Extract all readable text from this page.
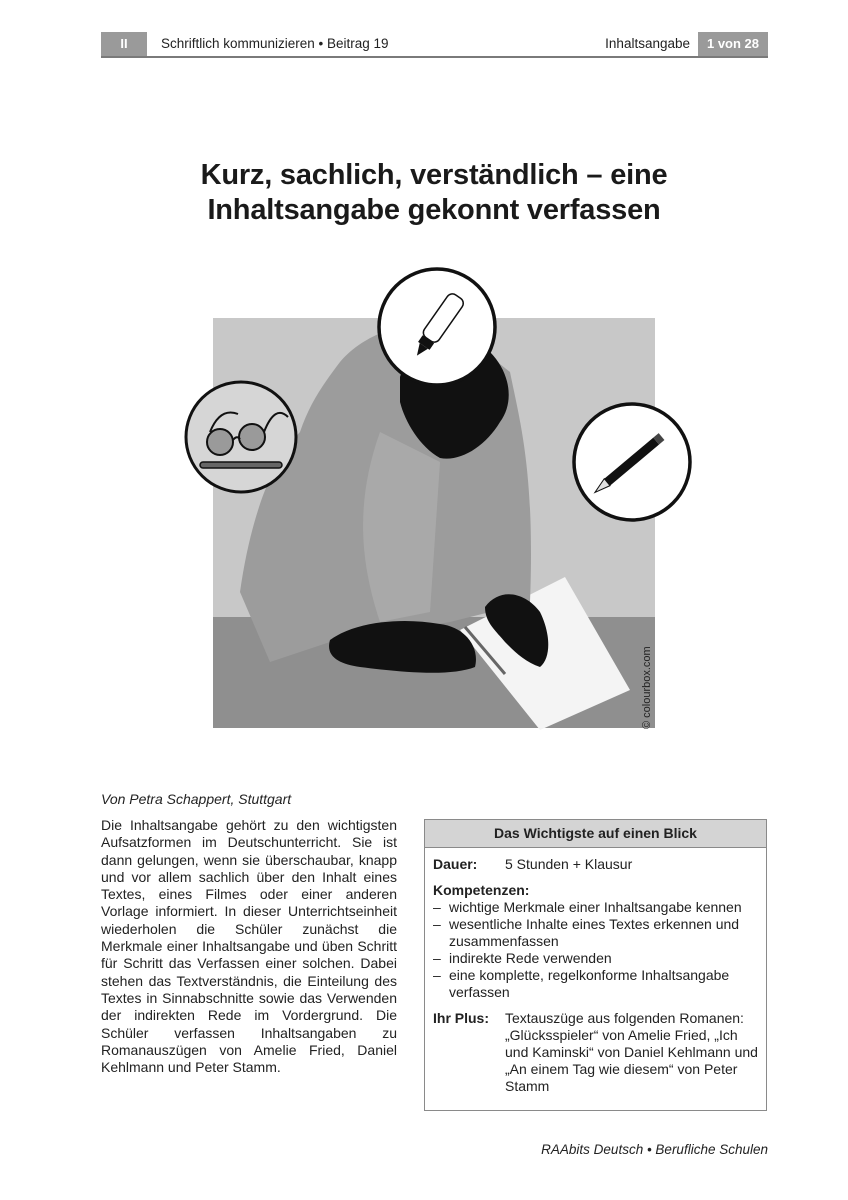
II	Schriftlich kommunizieren • Beitrag 19	Inhaltsangabe	1 von 28
Kurz, sachlich, verständlich – eine
Inhaltsangabe gekonnt verfassen
© colourbox.com
Von Petra Schappert, Stuttgart
Die Inhaltsangabe gehört zu den wichtigsten Aufsatzformen im Deutschunterricht. Sie ist dann gelungen, wenn sie überschaubar, knapp und vor allem sachlich über den Inhalt eines Textes, eines Filmes oder einer anderen Vorlage informiert. In dieser Unterrichtseinheit wiederholen die Schüler zunächst die Merkmale einer Inhaltsangabe und üben Schritt für Schritt das Verfassen einer solchen. Dabei stehen das Textverständnis, die Einteilung des Textes in Sinnabschnitte sowie das Verwenden der indirekten Rede im Vordergrund. Die Schüler verfassen Inhaltsangaben zu Romanauszügen von Amelie Fried, Daniel Kehlmann und Peter Stamm.
Das Wichtigste auf einen Blick
Dauer:	5 Stunden + Klausur
Kompetenzen:
– wichtige Merkmale einer Inhaltsangabe kennen
– wesentliche Inhalte eines Textes erkennen und zusammenfassen
– indirekte Rede verwenden
– eine komplette, regelkonforme Inhaltsangabe verfassen
Ihr Plus:	Textauszüge aus folgenden Romanen: „Glücksspieler“ von Amelie Fried, „Ich und Kaminski“ von Daniel Kehlmann und „An einem Tag wie diesem“ von Peter Stamm
RAAbits Deutsch • Berufliche Schulen
